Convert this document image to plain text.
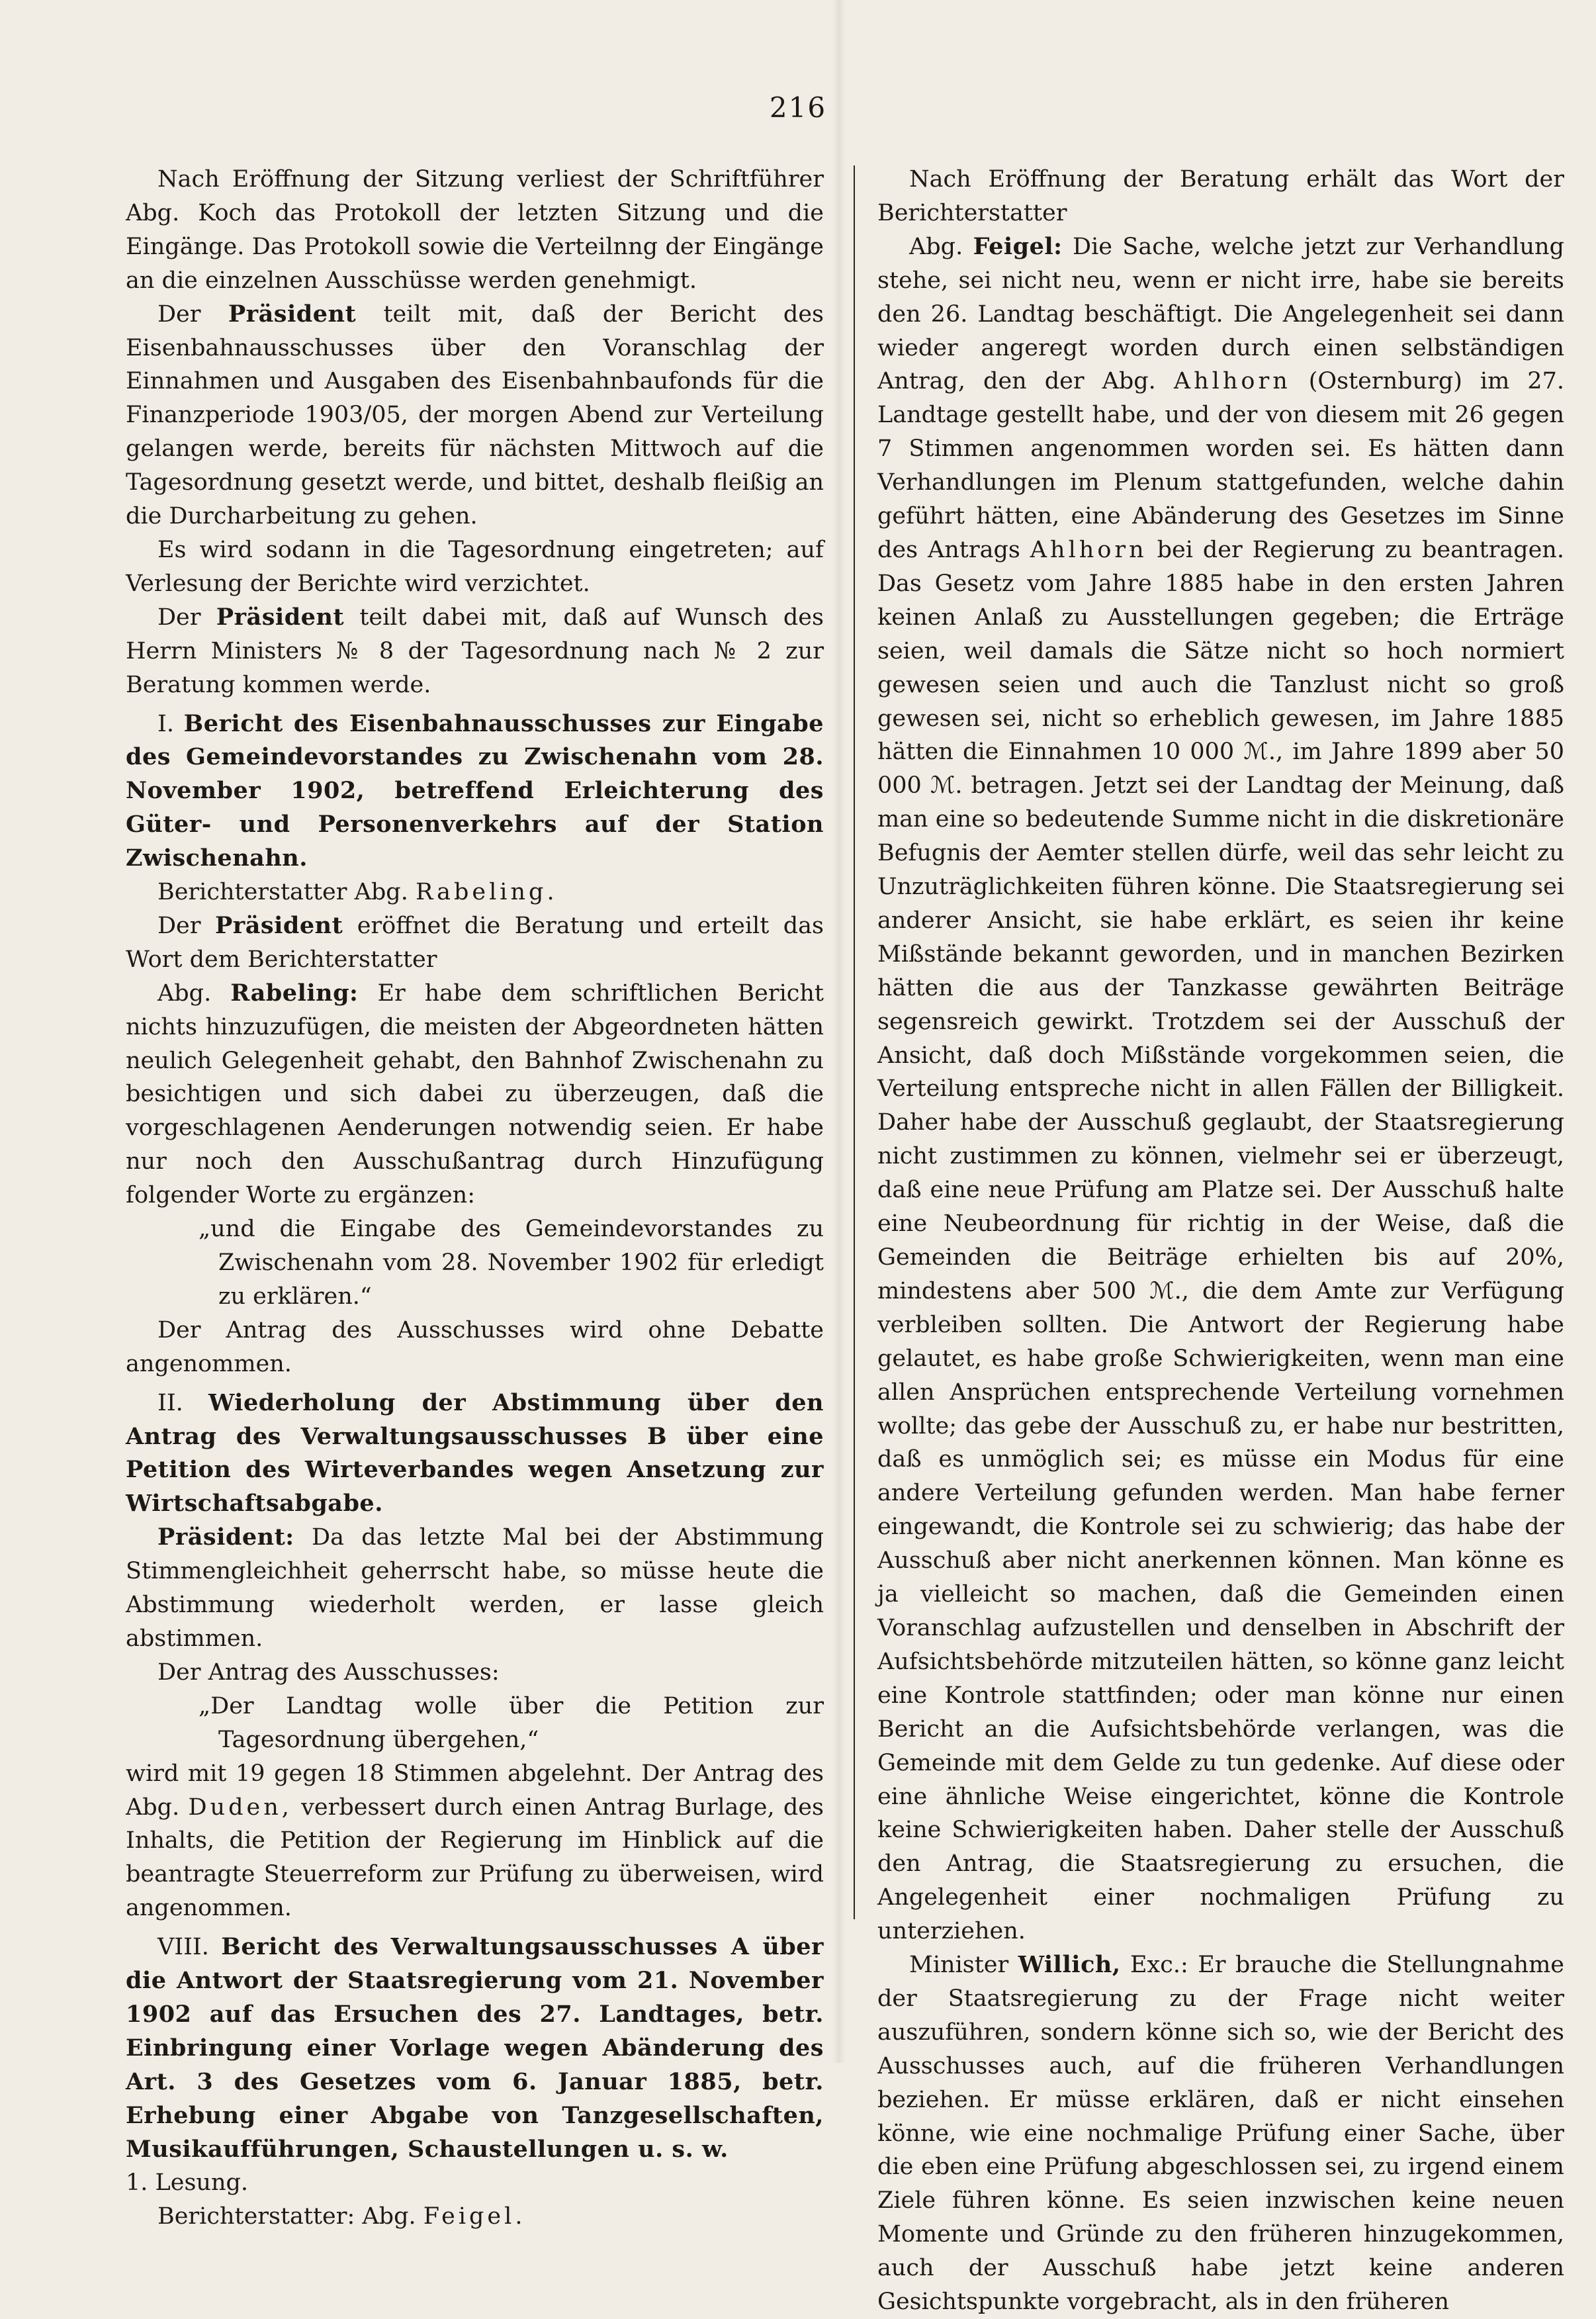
216

Nach Eröffnung der Sitzung verliest der Schriftführer Abg. Koch das Protokoll der letzten Sitzung und die Eingänge. Das Protokoll sowie die Verteilnng der Eingänge an die einzelnen Ausschüsse werden genehmigt.

Der Präsident teilt mit, daß der Bericht des Eisenbahnausschusses über den Voranschlag der Einnahmen und Ausgaben des Eisenbahnbaufonds für die Finanzperiode 1903/05, der morgen Abend zur Verteilung gelangen werde, bereits für nächsten Mittwoch auf die Tagesordnung gesetzt werde, und bittet, deshalb fleißig an die Durcharbeitung zu gehen.

Es wird sodann in die Tagesordnung eingetreten; auf Verlesung der Berichte wird verzichtet.

Der Präsident teilt dabei mit, daß auf Wunsch des Herrn Ministers № 8 der Tagesordnung nach № 2 zur Beratung kommen werde.

I. Bericht des Eisenbahnausschusses zur Eingabe des Gemeindevorstandes zu Zwischenahn vom 28. November 1902, betreffend Erleichterung des Güter- und Personenverkehrs auf der Station Zwischenahn.

Berichterstatter Abg. Rabeling.

Der Präsident eröffnet die Beratung und erteilt das Wort dem Berichterstatter

Abg. Rabeling: Er habe dem schriftlichen Bericht nichts hinzuzufügen, die meisten der Abgeordneten hätten neulich Gelegenheit gehabt, den Bahnhof Zwischenahn zu besichtigen und sich dabei zu überzeugen, daß die vorgeschlagenen Aenderungen notwendig seien. Er habe nur noch den Ausschußantrag durch Hinzufügung folgender Worte zu ergänzen:

„und die Eingabe des Gemeindevorstandes zu Zwischenahn vom 28. November 1902 für erledigt zu erklären.“

Der Antrag des Ausschusses wird ohne Debatte angenommen.

II. Wiederholung der Abstimmung über den Antrag des Verwaltungsausschusses B über eine Petition des Wirteverbandes wegen Ansetzung zur Wirtschaftsabgabe.

Präsident: Da das letzte Mal bei der Abstimmung Stimmengleichheit geherrscht habe, so müsse heute die Abstimmung wiederholt werden, er lasse gleich abstimmen.

Der Antrag des Ausschusses:

„Der Landtag wolle über die Petition zur Tagesordnung übergehen,“

wird mit 19 gegen 18 Stimmen abgelehnt. Der Antrag des Abg. Duden, verbessert durch einen Antrag Burlage, des Inhalts, die Petition der Regierung im Hinblick auf die beantragte Steuerreform zur Prüfung zu überweisen, wird angenommen.

VIII. Bericht des Verwaltungsausschusses A über die Antwort der Staatsregierung vom 21. November 1902 auf das Ersuchen des 27. Landtages, betr. Einbringung einer Vorlage wegen Abänderung des Art. 3 des Gesetzes vom 6. Januar 1885, betr. Erhebung einer Abgabe von Tanzgesellschaften, Musikaufführungen, Schaustellungen u. s. w.

1. Lesung.

Berichterstatter: Abg. Feigel.

Nach Eröffnung der Beratung erhält das Wort der Berichterstatter

Abg. Feigel: Die Sache, welche jetzt zur Verhandlung stehe, sei nicht neu, wenn er nicht irre, habe sie bereits den 26. Landtag beschäftigt. Die Angelegenheit sei dann wieder angeregt worden durch einen selbständigen Antrag, den der Abg. Ahlhorn (Osternburg) im 27. Landtage gestellt habe, und der von diesem mit 26 gegen 7 Stimmen angenommen worden sei. Es hätten dann Verhandlungen im Plenum stattgefunden, welche dahin geführt hätten, eine Abänderung des Gesetzes im Sinne des Antrags Ahlhorn bei der Regierung zu beantragen. Das Gesetz vom Jahre 1885 habe in den ersten Jahren keinen Anlaß zu Ausstellungen gegeben; die Erträge seien, weil damals die Sätze nicht so hoch normiert gewesen seien und auch die Tanzlust nicht so groß gewesen sei, nicht so erheblich gewesen, im Jahre 1885 hätten die Einnahmen 10 000 ℳ., im Jahre 1899 aber 50 000 ℳ. betragen. Jetzt sei der Landtag der Meinung, daß man eine so bedeutende Summe nicht in die diskretionäre Befugnis der Aemter stellen dürfe, weil das sehr leicht zu Unzuträglichkeiten führen könne. Die Staatsregierung sei anderer Ansicht, sie habe erklärt, es seien ihr keine Mißstände bekannt geworden, und in manchen Bezirken hätten die aus der Tanzkasse gewährten Beiträge segensreich gewirkt. Trotzdem sei der Ausschuß der Ansicht, daß doch Mißstände vorgekommen seien, die Verteilung entspreche nicht in allen Fällen der Billigkeit. Daher habe der Ausschuß geglaubt, der Staatsregierung nicht zustimmen zu können, vielmehr sei er überzeugt, daß eine neue Prüfung am Platze sei. Der Ausschuß halte eine Neubeordnung für richtig in der Weise, daß die Gemeinden die Beiträge erhielten bis auf 20%, mindestens aber 500 ℳ., die dem Amte zur Verfügung verbleiben sollten. Die Antwort der Regierung habe gelautet, es habe große Schwierigkeiten, wenn man eine allen Ansprüchen entsprechende Verteilung vornehmen wollte; das gebe der Ausschuß zu, er habe nur bestritten, daß es unmöglich sei; es müsse ein Modus für eine andere Verteilung gefunden werden. Man habe ferner eingewandt, die Kontrole sei zu schwierig; das habe der Ausschuß aber nicht anerkennen können. Man könne es ja vielleicht so machen, daß die Gemeinden einen Voranschlag aufzustellen und denselben in Abschrift der Aufsichtsbehörde mitzuteilen hätten, so könne ganz leicht eine Kontrole stattfinden; oder man könne nur einen Bericht an die Aufsichtsbehörde verlangen, was die Gemeinde mit dem Gelde zu tun gedenke. Auf diese oder eine ähnliche Weise eingerichtet, könne die Kontrole keine Schwierigkeiten haben. Daher stelle der Ausschuß den Antrag, die Staatsregierung zu ersuchen, die Angelegenheit einer nochmaligen Prüfung zu unterziehen.

Minister Willich, Exc.: Er brauche die Stellungnahme der Staatsregierung zu der Frage nicht weiter auszuführen, sondern könne sich so, wie der Bericht des Ausschusses auch, auf die früheren Verhandlungen beziehen. Er müsse erklären, daß er nicht einsehen könne, wie eine nochmalige Prüfung einer Sache, über die eben eine Prüfung abgeschlossen sei, zu irgend einem Ziele führen könne. Es seien inzwischen keine neuen Momente und Gründe zu den früheren hinzugekommen, auch der Ausschuß habe jetzt keine anderen Gesichtspunkte vorgebracht, als in den früheren
